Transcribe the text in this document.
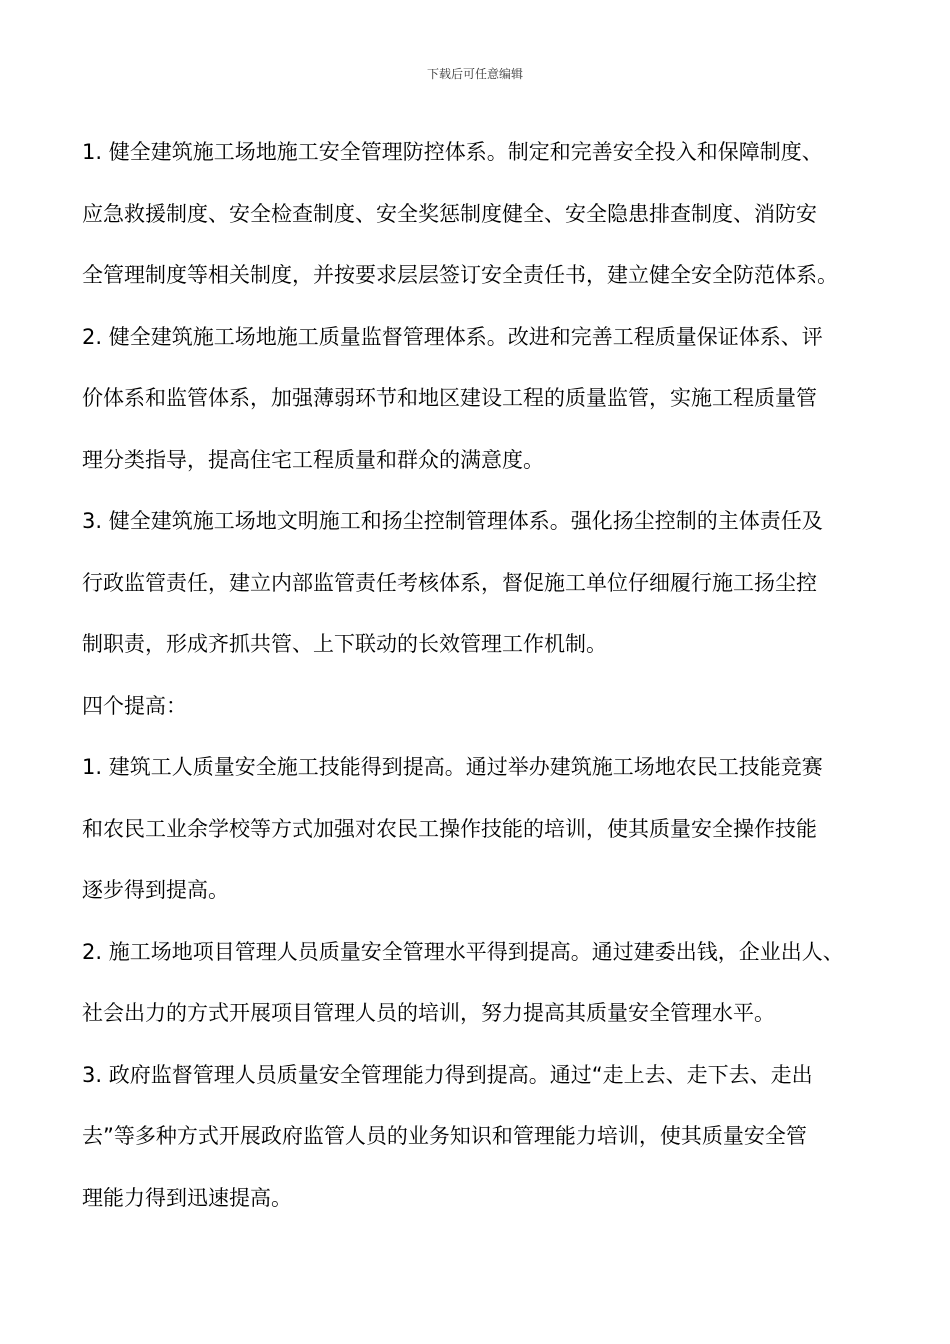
下载后可任意编辑

1. 健全建筑施工场地施工安全管理防控体系。制定和完善安全投入和保障制度、
应急救援制度、安全检查制度、安全奖惩制度健全、安全隐患排查制度、消防安
全管理制度等相关制度，并按要求层层签订安全责任书，建立健全安全防范体系。

2. 健全建筑施工场地施工质量监督管理体系。改进和完善工程质量保证体系、评
价体系和监管体系，加强薄弱环节和地区建设工程的质量监管，实施工程质量管
理分类指导，提高住宅工程质量和群众的满意度。

3. 健全建筑施工场地文明施工和扬尘控制管理体系。强化扬尘控制的主体责任及
行政监管责任，建立内部监管责任考核体系，督促施工单位仔细履行施工扬尘控
制职责，形成齐抓共管、上下联动的长效管理工作机制。

四个提高：

1. 建筑工人质量安全施工技能得到提高。通过举办建筑施工场地农民工技能竞赛
和农民工业余学校等方式加强对农民工操作技能的培训，使其质量安全操作技能
逐步得到提高。

2. 施工场地项目管理人员质量安全管理水平得到提高。通过建委出钱，企业出人、
社会出力的方式开展项目管理人员的培训，努力提高其质量安全管理水平。

3. 政府监督管理人员质量安全管理能力得到提高。通过“走上去、走下去、走出
去”等多种方式开展政府监管人员的业务知识和管理能力培训，使其质量安全管
理能力得到迅速提高。
